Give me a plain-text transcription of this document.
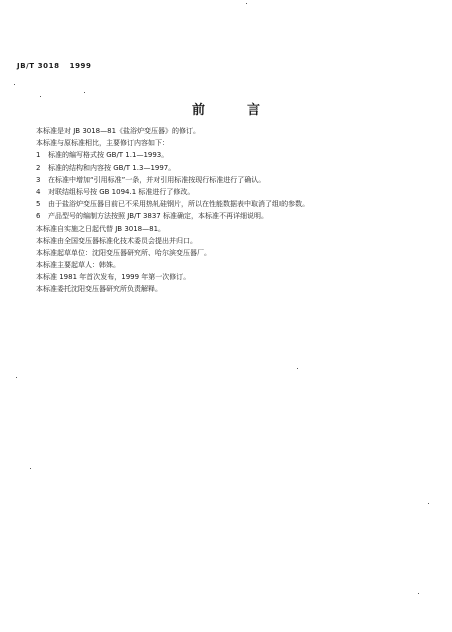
JB/T 3018 1999
前言
本标准是对 JB 3018—81《盐浴炉变压器》的修订。
本标准与原标准相比，主要修订内容如下：
1 标准的编写格式按 GB/T 1.1—1993。
2 标准的结构和内容按 GB/T 1.3—1997。
3 在标准中增加“引用标准”一条，并对引用标准按现行标准进行了确认。
4 对联结组标号按 GB 1094.1 标准进行了修改。
5 由于盐浴炉变压器目前已不采用热轧硅钢片，所以在性能数据表中取消了组Ⅰ的参数。
6 产品型号的编制方法按照 JB/T 3837 标准确定，本标准不再详细说明。
本标准自实施之日起代替 JB 3018—81。
本标准由全国变压器标准化技术委员会提出并归口。
本标准起草单位：沈阳变压器研究所、哈尔滨变压器厂。
本标准主要起草人：韩姝。
本标准 1981 年首次发布，1999 年第一次修订。
本标准委托沈阳变压器研究所负责解释。
